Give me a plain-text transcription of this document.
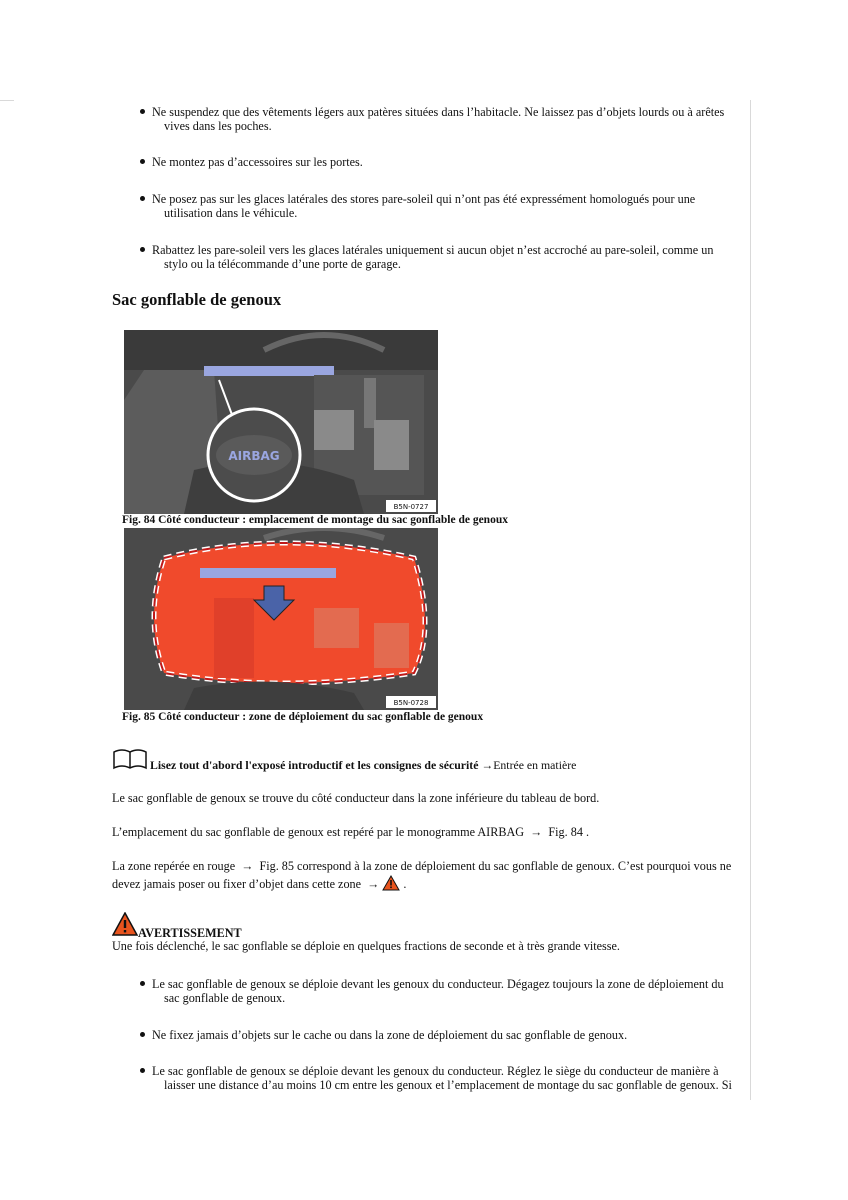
Ne suspendez que des vêtements légers aux patères situées dans l’habitacle. Ne laissez pas d’objets lourds ou à arêtes
vives dans les poches.
Ne montez pas d’accessoires sur les portes.
Ne posez pas sur les glaces latérales des stores pare-soleil qui n’ont pas été expressément homologués pour une
utilisation dans le véhicule.
Rabattez les pare-soleil vers les glaces latérales uniquement si aucun objet n’est accroché au pare-soleil, comme un
stylo ou la télécommande d’une porte de garage.
Sac gonflable de genoux
AIRBAG
B5N-0727
Fig. 84 Côté conducteur : emplacement de montage du sac gonflable de genoux
B5N-0728
Fig. 85 Côté conducteur : zone de déploiement du sac gonflable de genoux
Lisez tout d'abord l'exposé introductif et les consignes de sécurité →Entrée en matière
Le sac gonflable de genoux se trouve du côté conducteur dans la zone inférieure du tableau de bord.
L’emplacement du sac gonflable de genoux est repéré par le monogramme AIRBAG → Fig. 84 .
La zone repérée en rouge → Fig. 85 correspond à la zone de déploiement du sac gonflable de genoux. C’est pourquoi vous ne
devez jamais poser ou fixer d’objet dans cette zone → .
AVERTISSEMENT
Une fois déclenché, le sac gonflable se déploie en quelques fractions de seconde et à très grande vitesse.
Le sac gonflable de genoux se déploie devant les genoux du conducteur. Dégagez toujours la zone de déploiement du
sac gonflable de genoux.
Ne fixez jamais d’objets sur le cache ou dans la zone de déploiement du sac gonflable de genoux.
Le sac gonflable de genoux se déploie devant les genoux du conducteur. Réglez le siège du conducteur de manière à
laisser une distance d’au moins 10 cm entre les genoux et l’emplacement de montage du sac gonflable de genoux. Si
